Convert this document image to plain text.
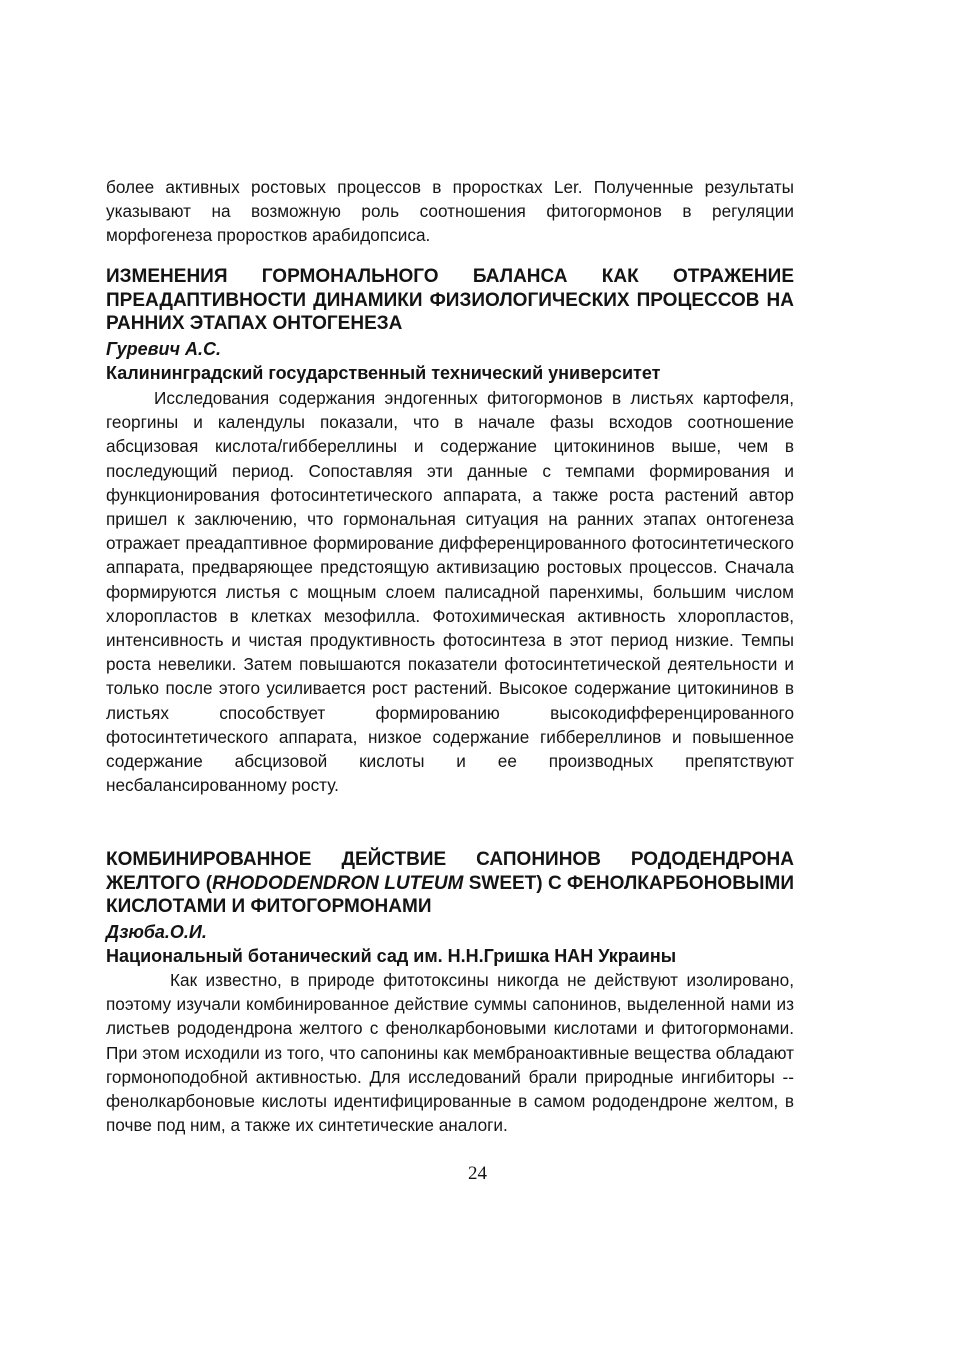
более активных ростовых процессов в проростках Ler. Полученные результаты указывают на возможную роль соотношения фитогормонов в регуляции морфогенеза проростков арабидопсиса.

ИЗМЕНЕНИЯ ГОРМОНАЛЬНОГО БАЛАНСА КАК ОТРАЖЕНИЕ ПРЕАДАПТИВНОСТИ ДИНАМИКИ ФИЗИОЛОГИЧЕСКИХ ПРОЦЕССОВ НА РАННИХ ЭТАПАХ ОНТОГЕНЕЗА

Гуревич А.С.

Калининградский государственный технический университет

Исследования содержания эндогенных фитогормонов в листьях картофеля, георгины и календулы показали, что в начале фазы всходов соотношение абсцизовая кислота/гиббереллины и содержание цитокининов выше, чем в последующий период. Сопоставляя эти данные с темпами формирования и функционирования фотосинтетического аппарата, а также роста растений автор пришел к заключению, что гормональная ситуация на ранних этапах онтогенеза отражает преадаптивное формирование дифференцированного фотосинтетического аппарата, предваряющее предстоящую активизацию ростовых процессов. Сначала формируются листья с мощным слоем палисадной паренхимы, большим числом хлоропластов в клетках мезофилла. Фотохимическая активность хлоропластов, интенсивность и чистая продуктивность фотосинтеза в этот период низкие. Темпы роста невелики. Затем повышаются показатели фотосинтетической деятельности и только после этого усиливается рост растений. Высокое содержание цитокининов в листьях способствует формированию высокодифференцированного фотосинтетического аппарата, низкое содержание гиббереллинов и повышенное содержание абсцизовой кислоты и ее производных препятствуют несбалансированному росту.

КОМБИНИРОВАННОЕ ДЕЙСТВИЕ САПОНИНОВ РОДОДЕНДРОНА ЖЕЛТОГО (RHODODENDRON LUTEUM SWEET) С ФЕНОЛКАРБОНОВЫМИ КИСЛОТАМИ И ФИТОГОРМОНАМИ

Дзюба.О.И.

Национальный ботанический сад им. Н.Н.Гришка НАН Украины

Как известно, в природе фитотоксины никогда не действуют изолировано, поэтому изучали комбинированное действие суммы сапонинов, выделенной нами из листьев рододендрона желтого с фенолкарбоновыми кислотами и фитогормонами. При этом исходили из того, что сапонины как мембраноактивные вещества обладают гормоноподобной активностью. Для исследований брали природные ингибиторы --фенолкарбоновые кислоты идентифицированные в самом рододендроне желтом, в почве под ним, а также их синтетические аналоги.

24
